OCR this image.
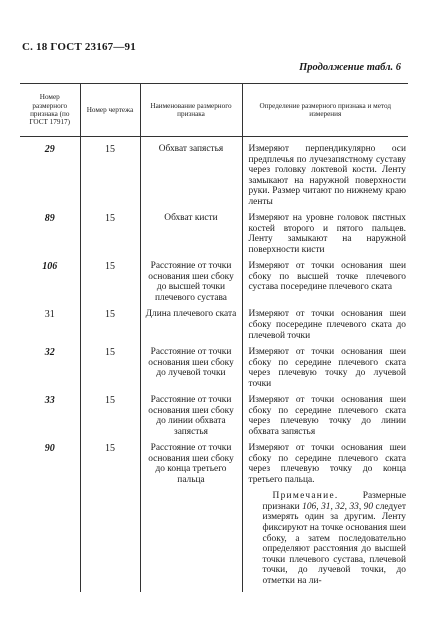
С. 18 ГОСТ 23167—91
Продолжение табл. 6
Номер размерного признака (по ГОСТ 17917)	Номер чертежа	Наименование размерного признака	Определение размерного признака и метод измерения
29	15	Обхват запястья	Измеряют перпендикулярно оси предплечья по лучезапястному суставу через головку локтевой кости. Ленту замыкают на наружной поверхности руки. Размер читают по нижнему краю ленты
89	15	Обхват кисти	Измеряют на уровне головок пястных костей второго и пятого пальцев. Ленту замыкают на наружной поверхности кисти
106	15	Расстояние от точки основания шеи сбоку до высшей точки плечевого сустава	Измеряют от точки основания шеи сбоку по высшей точке плечевого сустава посередине плечевого ската
31	15	Длина плечевого ската	Измеряют от точки основания шеи сбоку посередине плечевого ската до плечевой точки
32	15	Расстояние от точки основания шеи сбоку до лучевой точки	Измеряют от точки основания шеи сбоку по середине плечевого ската через плечевую точку до лучевой точки
33	15	Расстояние от точки основания шеи сбоку до линии обхвата запястья	Измеряют от точки основания шеи сбоку по середине плечевого ската через плечевую точку до линии обхвата запястья
90	15	Расстояние от точки основания шеи сбоку до конца третьего пальца	Измеряют от точки основания шеи сбоку по середине плечевого ската через плечевую точку до конца третьего пальца.
Примечание. Размерные признаки 106, 31, 32, 33, 90 следует измерять один за другим. Ленту фиксируют на точке основания шеи сбоку, а затем последовательно определяют расстояния до высшей точки плечевого сустава, плечевой точки, до лучевой точки, до отметки на ли-
